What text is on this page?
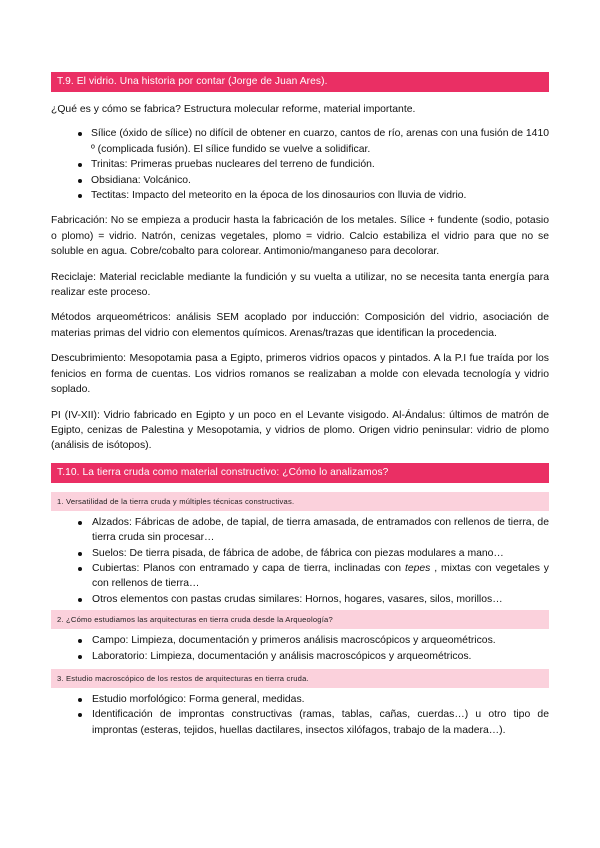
T.9. El vidrio. Una historia por contar (Jorge de Juan Ares).

¿Qué es y cómo se fabrica? Estructura molecular reforme, material importante.

Sílice (óxido de sílice) no difícil de obtener en cuarzo, cantos de río, arenas con una fusión de 1410 º (complicada fusión). El sílice fundido se vuelve a solidificar.
Trinitas: Primeras pruebas nucleares del terreno de fundición.
Obsidiana: Volcánico.
Tectitas: Impacto del meteorito en la época de los dinosaurios con lluvia de vidrio.

Fabricación: No se empieza a producir hasta la fabricación de los metales. Sílice + fundente (sodio, potasio o plomo) = vidrio. Natrón, cenizas vegetales, plomo = vidrio. Calcio estabiliza el vidrio para que no se soluble en agua. Cobre/cobalto para colorear. Antimonio/manganeso para decolorar.

Reciclaje: Material reciclable mediante la fundición y su vuelta a utilizar, no se necesita tanta energía para realizar este proceso.

Métodos arqueométricos: análisis SEM acoplado por inducción: Composición del vidrio, asociación de materias primas del vidrio con elementos químicos. Arenas/trazas que identifican la procedencia.

Descubrimiento: Mesopotamia pasa a Egipto, primeros vidrios opacos y pintados. A la P.I fue traída por los fenicios en forma de cuentas. Los vidrios romanos se realizaban a molde con elevada tecnología y vidrio soplado.

PI (IV-XII): Vidrio fabricado en Egipto y un poco en el Levante visigodo. Al-Ándalus: últimos de matrón de Egipto, cenizas de Palestina y Mesopotamia, y vidrios de plomo. Origen vidrio peninsular: vidrio de plomo (análisis de isótopos).

T.10. La tierra cruda como material constructivo: ¿Cómo lo analizamos?
1. Versatilidad de la tierra cruda y múltiples técnicas constructivas.
Alzados: Fábricas de adobe, de tapial, de tierra amasada, de entramados con rellenos de tierra, de tierra cruda sin procesar…
Suelos: De tierra pisada, de fábrica de adobe, de fábrica con piezas modulares a mano…
Cubiertas: Planos con entramado y capa de tierra, inclinadas con tepes , mixtas con vegetales y con rellenos de tierra…
Otros elementos con pastas crudas similares: Hornos, hogares, vasares, silos, morillos…
2. ¿Cómo estudiamos las arquitecturas en tierra cruda desde la Arqueología?
Campo: Limpieza, documentación y primeros análisis macroscópicos y arqueométricos.
Laboratorio: Limpieza, documentación y análisis macroscópicos y arqueométricos.
3. Estudio macroscópico de los restos de arquitecturas en tierra cruda.
Estudio morfológico: Forma general, medidas.
Identificación de improntas constructivas (ramas, tablas, cañas, cuerdas…) u otro tipo de improntas (esteras, tejidos, huellas dactilares, insectos xilófagos, trabajo de la madera…).
